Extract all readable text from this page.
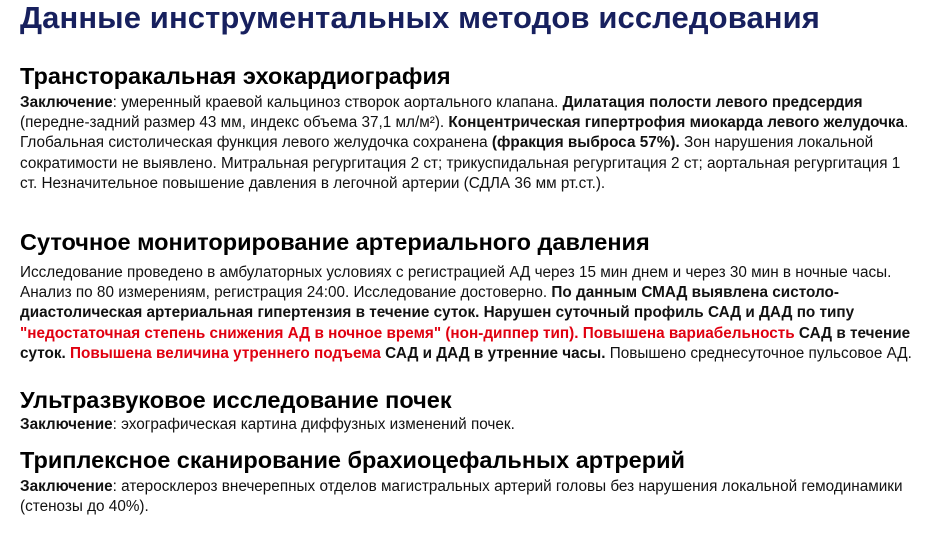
Данные инструментальных методов исследования
Трансторакальная эхокардиография
Заключение: умеренный краевой кальциноз створок аортального клапана. Дилатация полости левого предсердия (передне-задний размер 43 мм, индекс объема 37,1 мл/м²). Концентрическая гипертрофия миокарда левого желудочка. Глобальная систолическая функция левого желудочка сохранена (фракция выброса 57%). Зон нарушения локальной сократимости не выявлено. Митральная регургитация 2 ст; трикуспидальная регургитация 2 ст; аортальная регургитация 1 ст. Незначительное повышение давления в легочной артерии (СДЛА 36 мм рт.ст.).
Суточное мониторирование артериального давления
Исследование проведено в амбулаторных условиях с регистрацией АД через 15 мин днем и через 30 мин в ночные часы. Анализ по 80 измерениям, регистрация 24:00. Исследование достоверно. По данным СМАД выявлена систоло-диастолическая артериальная гипертензия в течение суток. Нарушен суточный профиль САД и ДАД по типу "недостаточная степень снижения АД в ночное время" (нон-диппер тип). Повышена вариабельность САД в течение суток. Повышена величина утреннего подъема САД и ДАД в утренние часы. Повышено среднесуточное пульсовое АД.
Ультразвуковое исследование почек
Заключение: эхографическая картина диффузных изменений почек.
Триплексное сканирование брахиоцефальных артрерий
Заключение: атеросклероз внечерепных отделов магистральных артерий головы без нарушения локальной гемодинамики (стенозы до 40%).
